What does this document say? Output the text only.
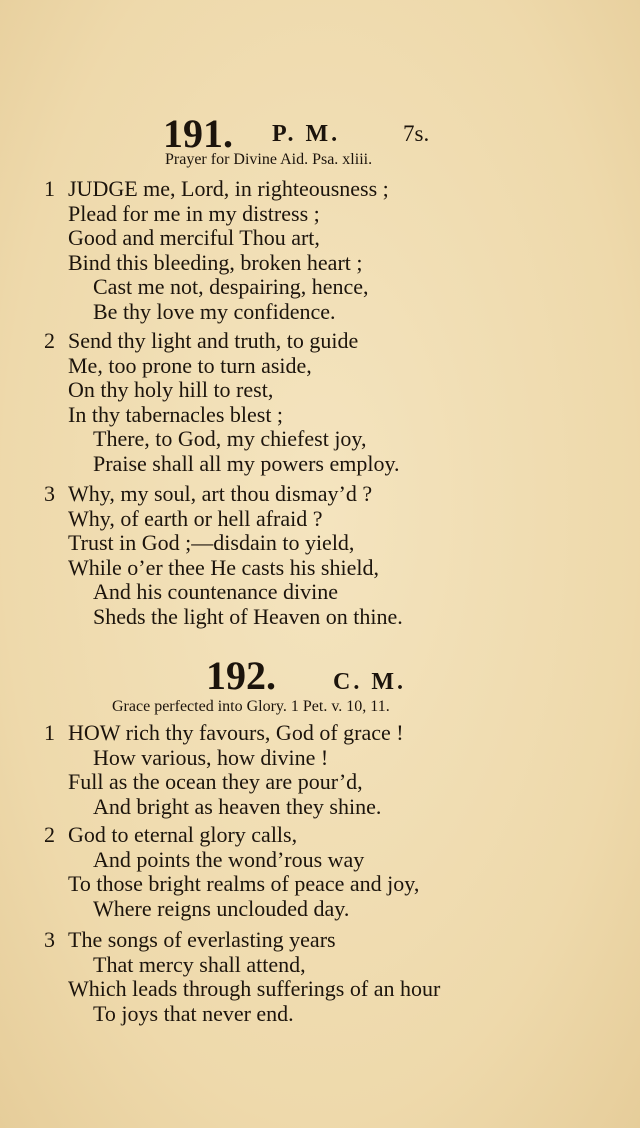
191. P. M.	7s.
Prayer for Divine Aid. Psa. xliii.
1 JUDGE me, Lord, in righteousness ;
Plead for me in my distress ;
Good and merciful Thou art,
Bind this bleeding, broken heart ;
Cast me not, despairing, hence,
Be thy love my confidence.
2 Send thy light and truth, to guide
Me, too prone to turn aside,
On thy holy hill to rest,
In thy tabernacles blest ;
There, to God, my chiefest joy,
Praise shall all my powers employ.
3 Why, my soul, art thou dismay’d ?
Why, of earth or hell afraid ?
Trust in God ;—disdain to yield,
While o’er thee He casts his shield,
And his countenance divine
Sheds the light of Heaven on thine.
192. C. M.
Grace perfected into Glory. 1 Pet. v. 10, 11.
1 HOW rich thy favours, God of grace !
How various, how divine !
Full as the ocean they are pour’d,
And bright as heaven they shine.
2 God to eternal glory calls,
And points the wond’rous way
To those bright realms of peace and joy,
Where reigns unclouded day.
3 The songs of everlasting years
That mercy shall attend,
Which leads through sufferings of an hour
To joys that never end.
